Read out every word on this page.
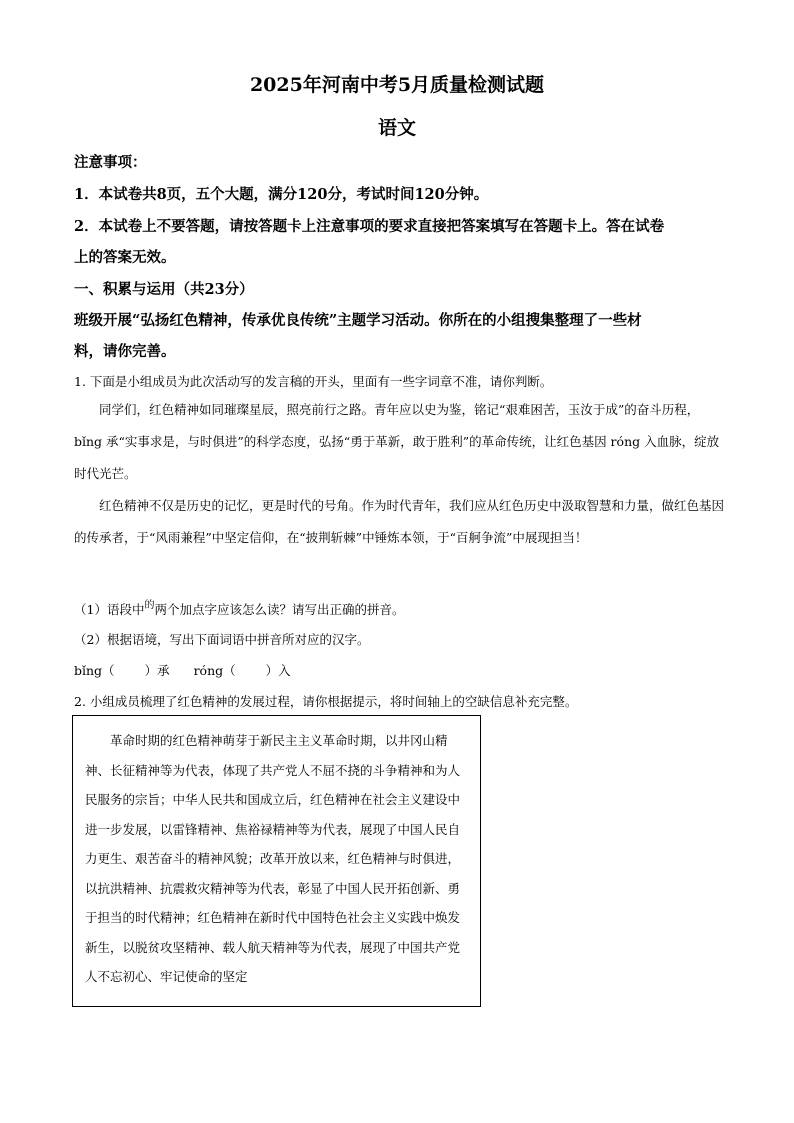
2025年河南中考5月质量检测试题
语文
注意事项：
1．本试卷共8页，五个大题，满分120分，考试时间120分钟。
2．本试卷上不要答题，请按答题卡上注意事项的要求直接把答案填写在答题卡上。答在试卷
上的答案无效。
一、积累与运用（共23分）
班级开展“弘扬红色精神，传承优良传统”主题学习活动。你所在的小组搜集整理了一些材
料，请你完善。
1. 下面是小组成员为此次活动写的发言稿的开头，里面有一些字词章不准，请你判断。
同学们，红色精神如同璀璨星辰，照亮前行之路。青年应以史为鉴，铭记“艰难困苦，玉汝于成”的奋斗历程，bǐng 承“实事求是，与时俱进”的科学态度，弘扬“勇于革新，敢于胜利”的革命传统，让红色基因 róng 入血脉，绽放时代光芒。
红色精神不仅是历史的记忆，更是时代的号角。作为时代青年，我们应从红色历史中汲取智慧和力量，做红色基因的传承者，于“风雨兼程”中坚定信仰，在“披荆斩棘”中锤炼本领，于“百舸争流”中展现担当！
（1）语段中$^的$两个加点字应该怎么读？请写出正确的拼音。
（2）根据语境，写出下面词语中拼音所对应的汉字。
bǐng（ ）承 róng（ ）入
2. 小组成员梳理了红色精神的发展过程，请你根据提示，将时间轴上的空缺信息补充完整。

革命时期的红色精神萌芽于新民主主义革命时期，以井冈山精神、长征精神等为代表，体现了共产党人不屈不挠的斗争精神和为人民服务的宗旨；中华人民共和国成立后，红色精神在社会主义建设中进一步发展，以雷锋精神、焦裕禄精神等为代表，展现了中国人民自力更生、艰苦奋斗的精神风貌；改革开放以来，红色精神与时俱进，以抗洪精神、抗震救灾精神等为代表，彰显了中国人民开拓创新、勇于担当的时代精神；红色精神在新时代中国特色社会主义实践中焕发新生，以脱贫攻坚精神、载人航天精神等为代表，展现了中国共产党人不忘初心、牢记使命的坚定
